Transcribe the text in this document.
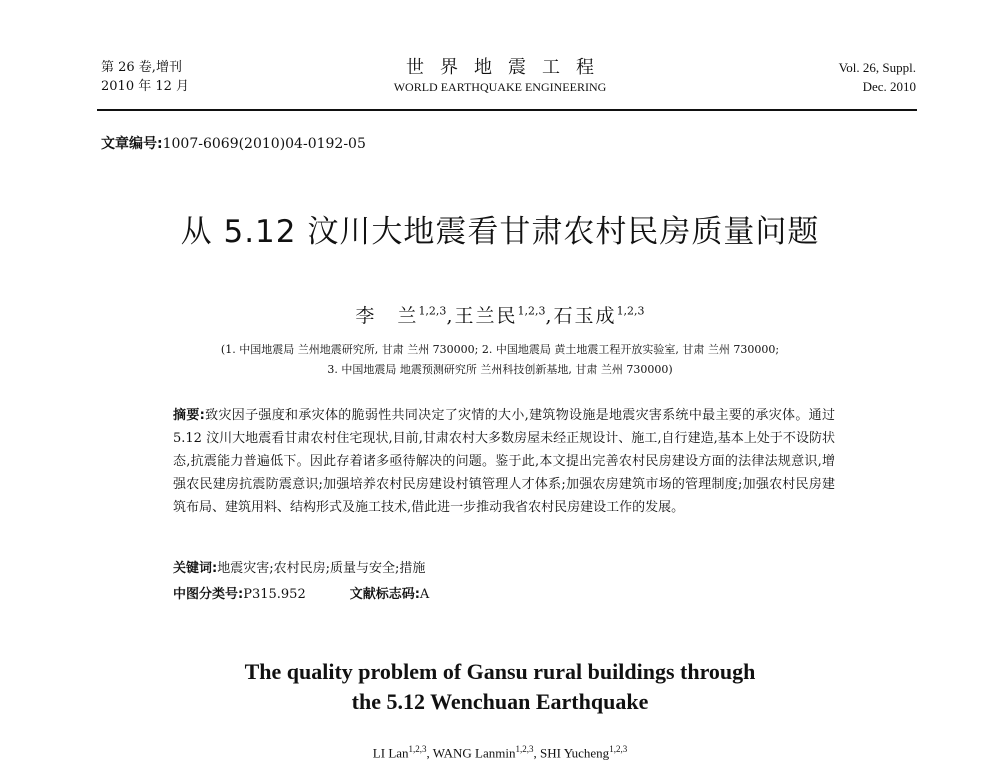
第 26 卷,增刊
2010 年 12 月
世界地震工程
WORLD EARTHQUAKE ENGINEERING
Vol. 26, Suppl.
Dec. 2010
文章编号:1007-6069(2010)04-0192-05
从 5.12 汶川大地震看甘肃农村民房质量问题
李　兰$^{1,2,3}$,王兰民$^{1,2,3}$,石玉成$^{1,2,3}$
(1. 中国地震局 兰州地震研究所, 甘肃 兰州 730000; 2. 中国地震局 黄土地震工程开放实验室, 甘肃 兰州 730000;
3. 中国地震局 地震预测研究所 兰州科技创新基地, 甘肃 兰州 730000)
摘要:致灾因子强度和承灾体的脆弱性共同决定了灾情的大小,建筑物设施是地震灾害系统中最主要的承灾体。通过 5.12 汶川大地震看甘肃农村住宅现状,目前,甘肃农村大多数房屋未经正规设计、施工,自行建造,基本上处于不设防状态,抗震能力普遍低下。因此存着诸多亟待解决的问题。鉴于此,本文提出完善农村民房建设方面的法律法规意识,增强农民建房抗震防震意识;加强培养农村民房建设村镇管理人才体系;加强农房建筑市场的管理制度;加强农村民房建筑布局、建筑用料、结构形式及施工技术,借此进一步推动我省农村民房建设工作的发展。
关键词:地震灾害;农村民房;质量与安全;措施
中图分类号:P315.952	文献标志码:A
The quality problem of Gansu rural buildings through
the 5.12 Wenchuan Earthquake
LI Lan$^{1,2,3}$, WANG Lanmin$^{1,2,3}$, SHI Yucheng$^{1,2,3}$
